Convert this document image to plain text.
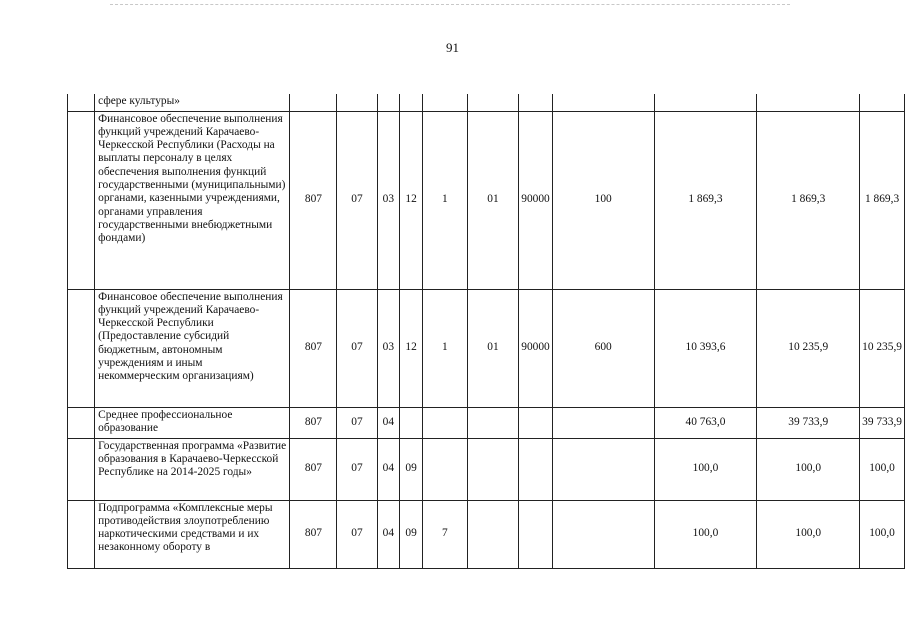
91
	сфере культуры»											
	Финансовое обеспечение выполнения функций учреждений Карачаево-Черкесской Республики (Расходы на выплаты персоналу в целях обеспечения выполнения функций государственными (муниципальными) органами, казенными учреждениями, органами управления государственными внебюджетными фондами)	807	07	03	12	1	01	90000	100	1 869,3	1 869,3	1 869,3
	Финансовое обеспечение выполнения функций учреждений Карачаево-Черкесской Республики (Предоставление субсидий бюджетным, автономным учреждениям и иным некоммерческим организациям)	807	07	03	12	1	01	90000	600	10 393,6	10 235,9	10 235,9
	Среднее профессиональное образование	807	07	04						40 763,0	39 733,9	39 733,9
	Государственная программа «Развитие образования в Карачаево-Черкесской Республике на 2014-2025 годы»	807	07	04	09					100,0	100,0	100,0
	Подпрограмма «Комплексные меры противодействия злоупотреблению наркотическими средствами и их незаконному обороту в	807	07	04	09	7				100,0	100,0	100,0
